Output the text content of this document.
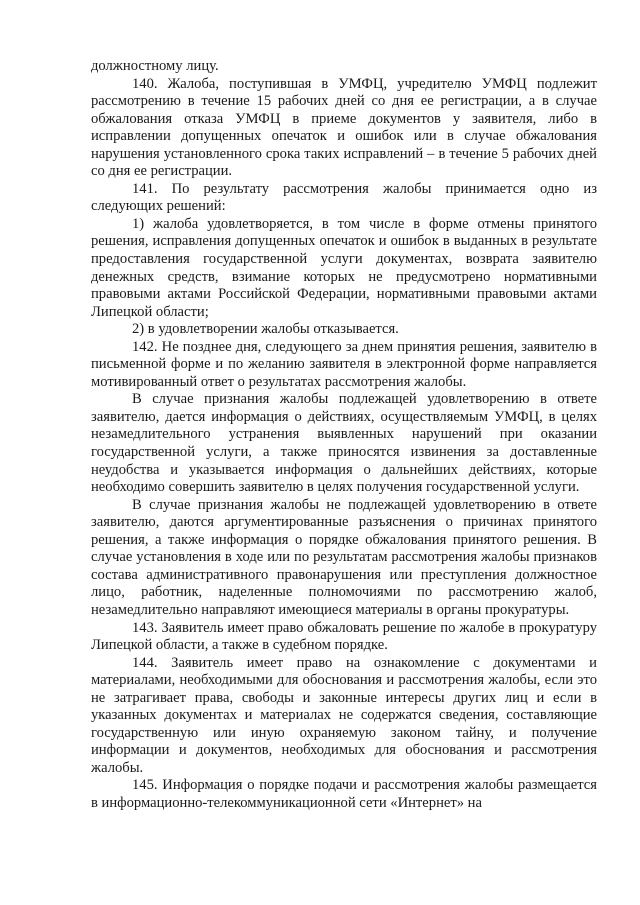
должностному лицу.

140. Жалоба, поступившая в УМФЦ, учредителю УМФЦ подлежит рассмотрению в течение 15 рабочих дней со дня ее регистрации, а в случае обжалования отказа УМФЦ в приеме документов у заявителя, либо в исправлении допущенных опечаток и ошибок или в случае обжалования нарушения установленного срока таких исправлений – в течение 5 рабочих дней со дня ее регистрации.

141. По результату рассмотрения жалобы принимается одно из следующих решений:

1) жалоба удовлетворяется, в том числе в форме отмены принятого решения, исправления допущенных опечаток и ошибок в выданных в результате предоставления государственной услуги документах, возврата заявителю денежных средств, взимание которых не предусмотрено нормативными правовыми актами Российской Федерации, нормативными правовыми актами Липецкой области;

2) в удовлетворении жалобы отказывается.

142. Не позднее дня, следующего за днем принятия решения, заявителю в письменной форме и по желанию заявителя в электронной форме направляется мотивированный ответ о результатах рассмотрения жалобы.

В случае признания жалобы подлежащей удовлетворению в ответе заявителю, дается информация о действиях, осуществляемым УМФЦ, в целях незамедлительного устранения выявленных нарушений при оказании государственной услуги, а также приносятся извинения за доставленные неудобства и указывается информация о дальнейших действиях, которые необходимо совершить заявителю в целях получения государственной услуги.

В случае признания жалобы не подлежащей удовлетворению в ответе заявителю, даются аргументированные разъяснения о причинах принятого решения, а также информация о порядке обжалования принятого решения. В случае установления в ходе или по результатам рассмотрения жалобы признаков состава административного правонарушения или преступления должностное лицо, работник, наделенные полномочиями по рассмотрению жалоб, незамедлительно направляют имеющиеся материалы в органы прокуратуры.

143. Заявитель имеет право обжаловать решение по жалобе в прокуратуру Липецкой области, а также в судебном порядке.

144. Заявитель имеет право на ознакомление с документами и материалами, необходимыми для обоснования и рассмотрения жалобы, если это не затрагивает права, свободы и законные интересы других лиц и если в указанных документах и материалах не содержатся сведения, составляющие государственную или иную охраняемую законом тайну, и получение информации и документов, необходимых для обоснования и рассмотрения жалобы.

145. Информация о порядке подачи и рассмотрения жалобы размещается в информационно-телекоммуникационной сети «Интернет» на
